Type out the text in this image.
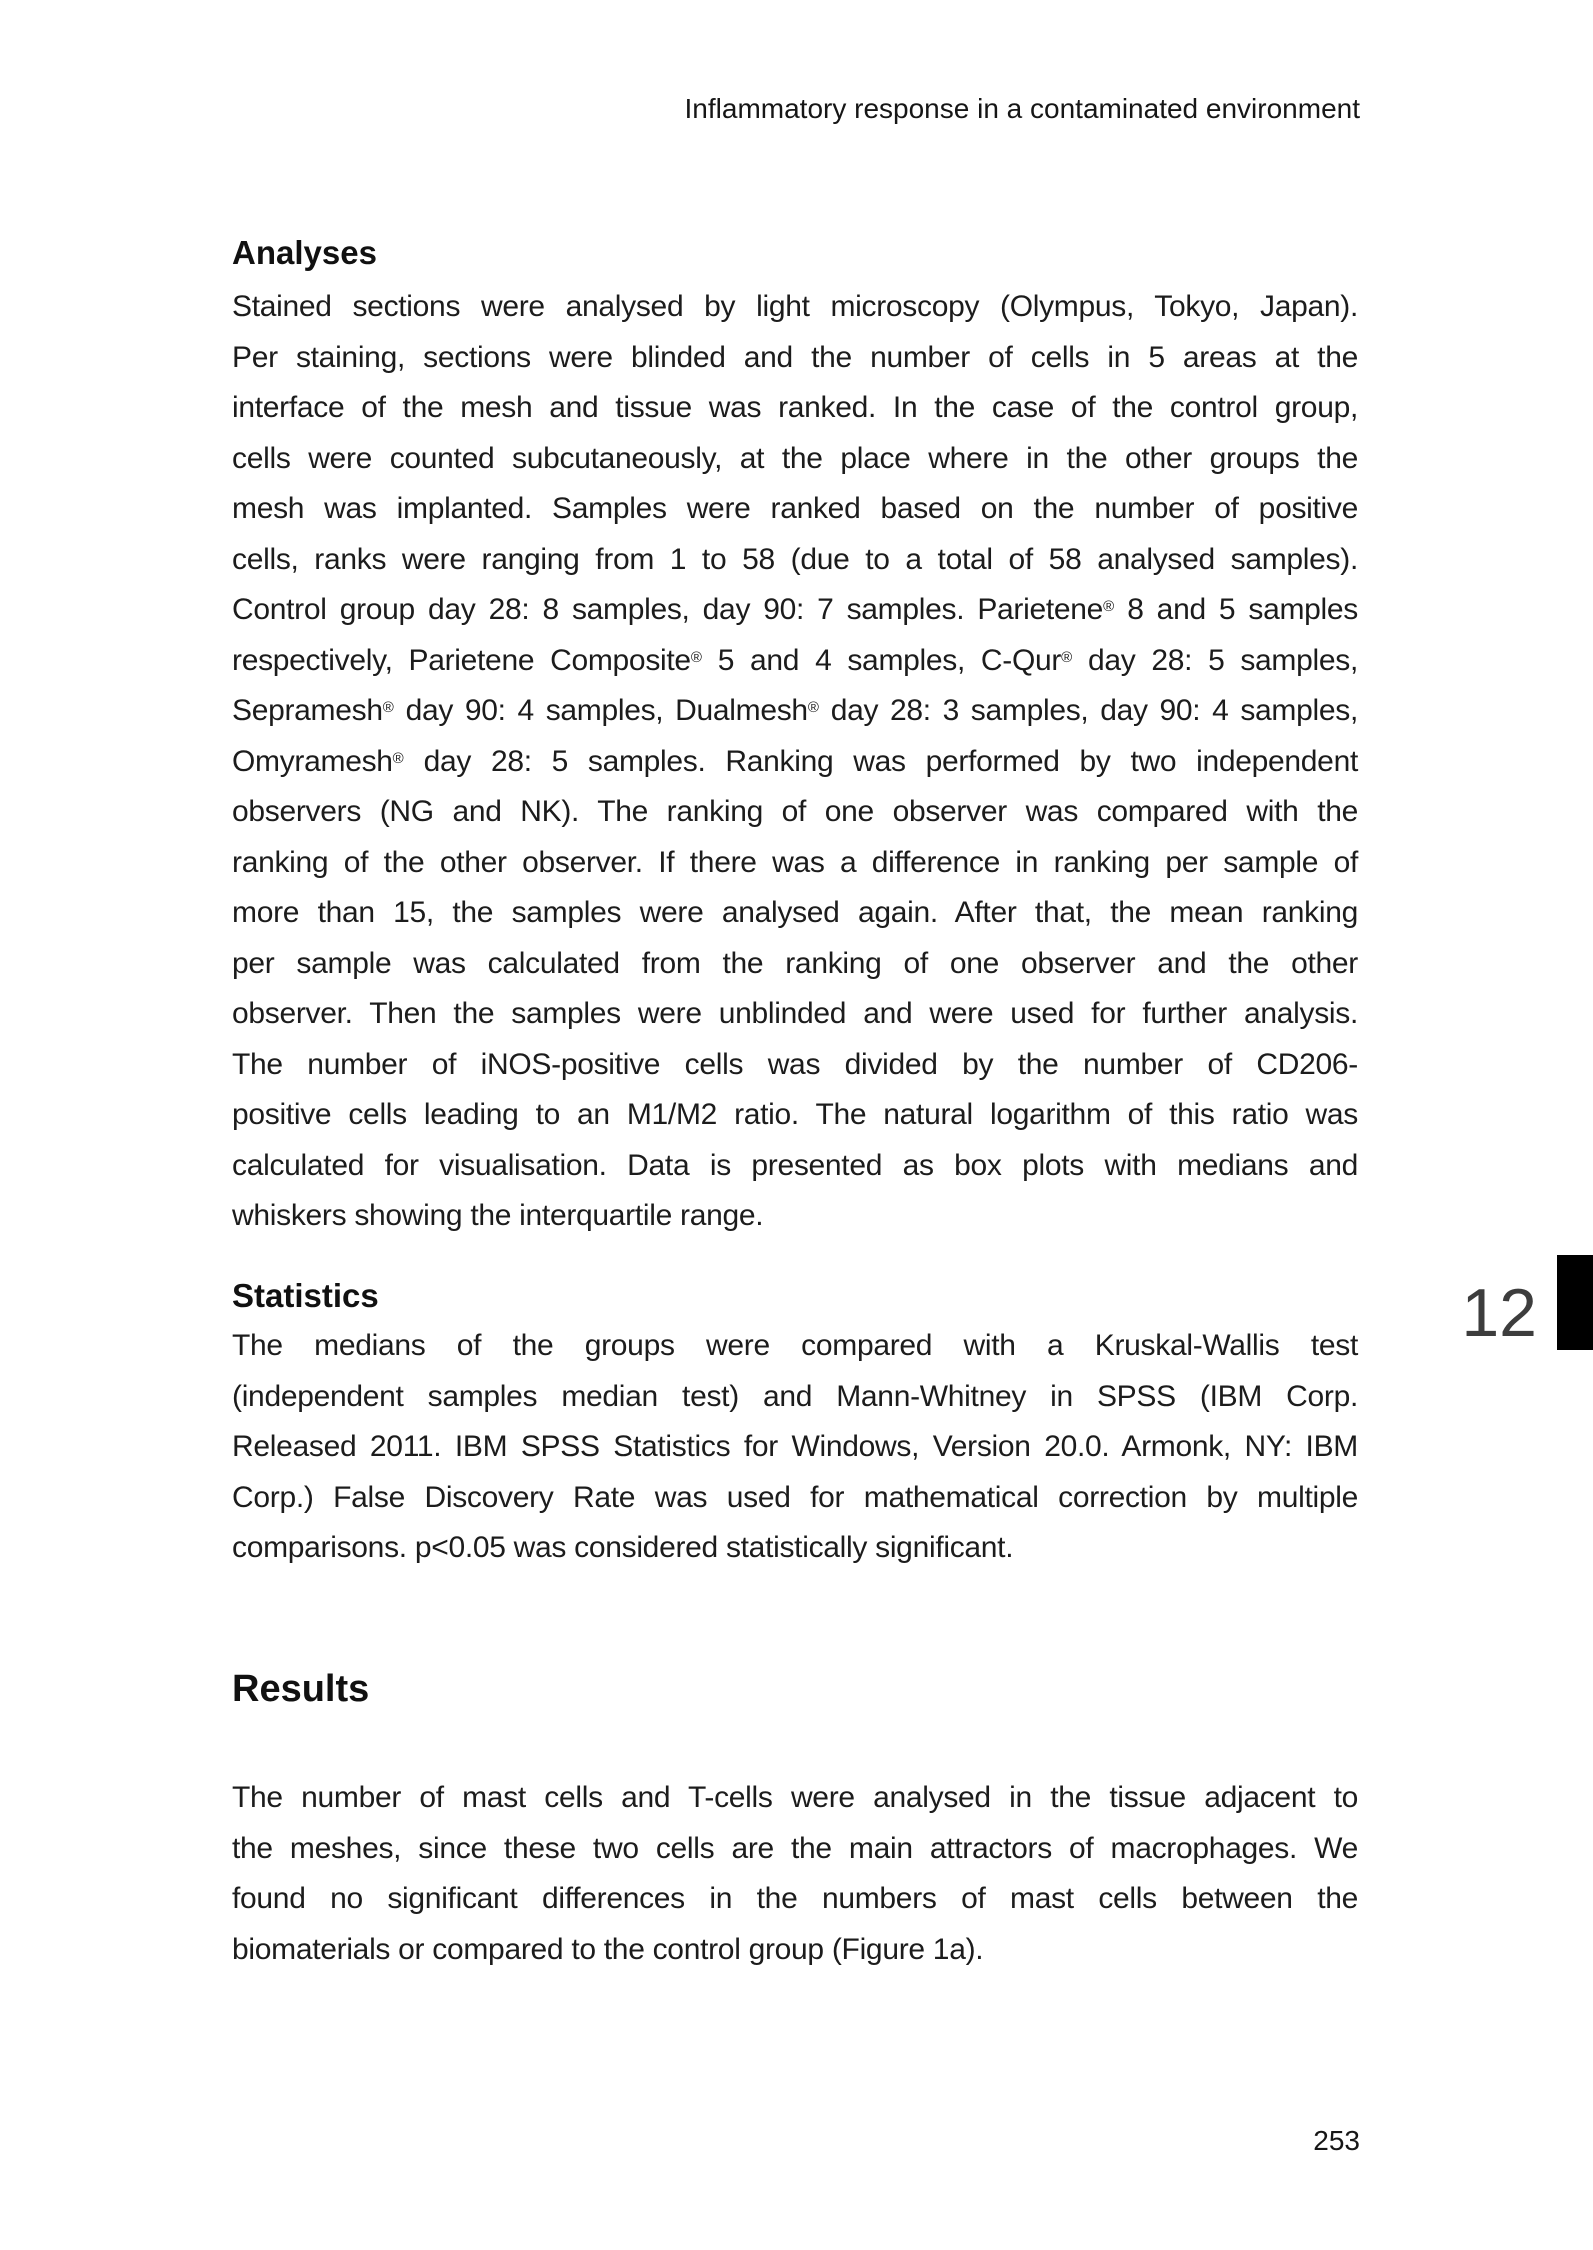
Inflammatory response in a contaminated environment
Analyses
Stained sections were analysed by light microscopy (Olympus, Tokyo, Japan).
Per staining, sections were blinded and the number of cells in 5 areas at the
interface of the mesh and tissue was ranked. In the case of the control group,
cells were counted subcutaneously, at the place where in the other groups the
mesh was implanted. Samples were ranked based on the number of positive
cells, ranks were ranging from 1 to 58 (due to a total of 58 analysed samples).
Control group day 28: 8 samples, day 90: 7 samples. Parietene® 8 and 5 samples
respectively, Parietene Composite® 5 and 4 samples, C-Qur® day 28: 5 samples,
Sepramesh® day 90: 4 samples, Dualmesh® day 28: 3 samples, day 90: 4 samples,
Omyramesh® day 28: 5 samples. Ranking was performed by two independent
observers (NG and NK). The ranking of one observer was compared with the
ranking of the other observer. If there was a difference in ranking per sample of
more than 15, the samples were analysed again. After that, the mean ranking
per sample was calculated from the ranking of one observer and the other
observer. Then the samples were unblinded and were used for further analysis.
The number of iNOS-positive cells was divided by the number of CD206-
positive cells leading to an M1/M2 ratio. The natural logarithm of this ratio was
calculated for visualisation. Data is presented as box plots with medians and
whiskers showing the interquartile range.
Statistics
The medians of the groups were compared with a Kruskal-Wallis test
(independent samples median test) and Mann-Whitney in SPSS (IBM Corp.
Released 2011. IBM SPSS Statistics for Windows, Version 20.0. Armonk, NY: IBM
Corp.) False Discovery Rate was used for mathematical correction by multiple
comparisons. p<0.05 was considered statistically significant.
Results
The number of mast cells and T-cells were analysed in the tissue adjacent to
the meshes, since these two cells are the main attractors of macrophages. We
found no significant differences in the numbers of mast cells between the
biomaterials or compared to the control group (Figure 1a).
12
253
